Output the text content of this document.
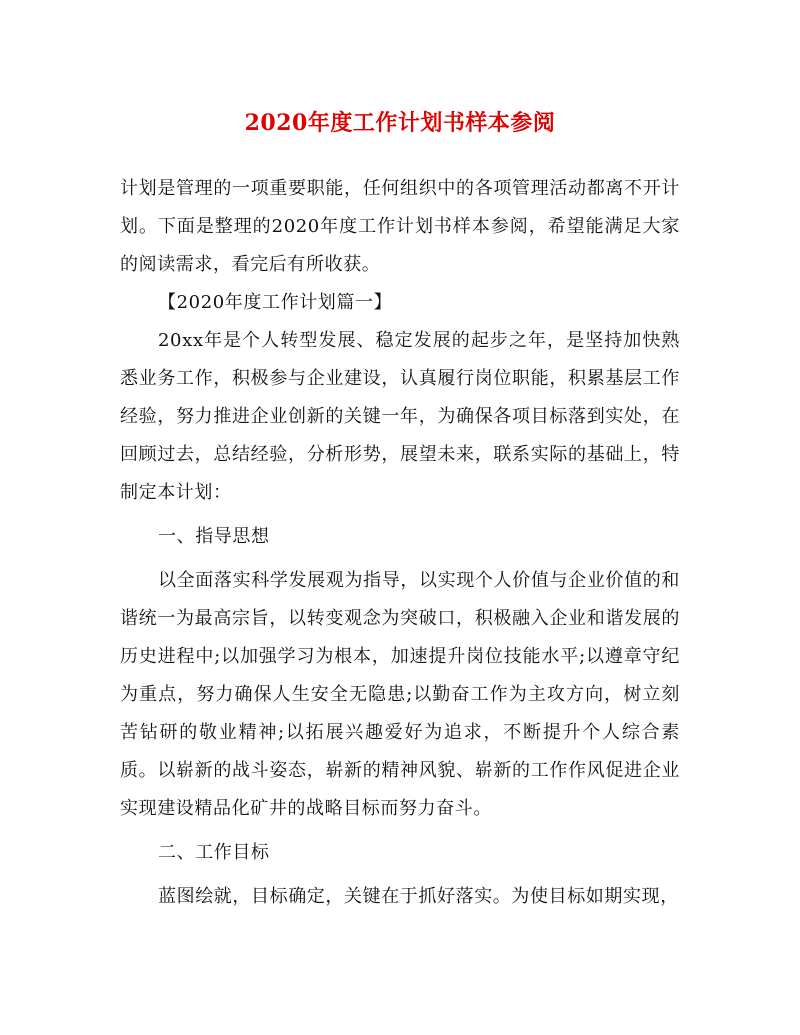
2020年度工作计划书样本参阅

计划是管理的一项重要职能，任何组织中的各项管理活动都离不开计划。下面是整理的2020年度工作计划书样本参阅，希望能满足大家的阅读需求，看完后有所收获。

【2020年度工作计划篇一】

20xx年是个人转型发展、稳定发展的起步之年，是坚持加快熟悉业务工作，积极参与企业建设，认真履行岗位职能，积累基层工作经验，努力推进企业创新的关键一年，为确保各项目标落到实处，在回顾过去，总结经验，分析形势，展望未来，联系实际的基础上，特制定本计划：

一、指导思想

以全面落实科学发展观为指导，以实现个人价值与企业价值的和谐统一为最高宗旨，以转变观念为突破口，积极融入企业和谐发展的历史进程中;以加强学习为根本，加速提升岗位技能水平;以遵章守纪为重点，努力确保人生安全无隐患;以勤奋工作为主攻方向，树立刻苦钻研的敬业精神;以拓展兴趣爱好为追求，不断提升个人综合素质。以崭新的战斗姿态，崭新的精神风貌、崭新的工作作风促进企业实现建设精品化矿井的战略目标而努力奋斗。

二、工作目标

蓝图绘就，目标确定，关键在于抓好落实。为使目标如期实现，
